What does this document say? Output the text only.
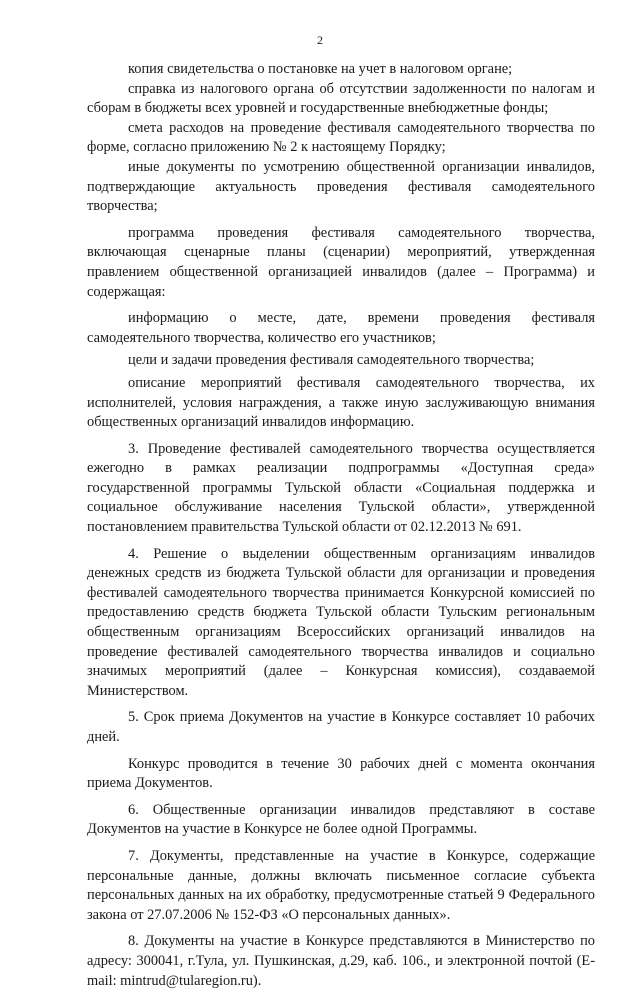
2

копия свидетельства о постановке на учет в налоговом органе;

справка из налогового органа об отсутствии задолженности по налогам и сборам в бюджеты всех уровней и государственные внебюджетные фонды;

смета расходов на проведение фестиваля самодеятельного творчества по форме, согласно приложению № 2 к настоящему Порядку;

иные документы по усмотрению общественной организации инвалидов, подтверждающие актуальность проведения фестиваля самодеятельного творчества;

программа проведения фестиваля самодеятельного творчества, включающая сценарные планы (сценарии) мероприятий, утвержденная правлением общественной организацией инвалидов (далее – Программа) и содержащая:

информацию о месте, дате, времени проведения фестиваля самодеятельного творчества, количество его участников;

цели и задачи проведения фестиваля самодеятельного творчества;

описание мероприятий фестиваля самодеятельного творчества, их исполнителей, условия награждения, а также иную заслуживающую внимания общественных организаций инвалидов информацию.

3. Проведение фестивалей самодеятельного творчества осуществляется ежегодно в рамках реализации подпрограммы «Доступная среда» государственной программы Тульской области «Социальная поддержка и социальное обслуживание населения Тульской области», утвержденной постановлением правительства Тульской области от 02.12.2013 № 691.

4. Решение о выделении общественным организациям инвалидов денежных средств из бюджета Тульской области для организации и проведения фестивалей самодеятельного творчества принимается Конкурсной комиссией по предоставлению средств бюджета Тульской области Тульским региональным общественным организациям Всероссийских организаций инвалидов на проведение фестивалей самодеятельного творчества инвалидов и социально значимых мероприятий (далее – Конкурсная комиссия), создаваемой Министерством.

5. Срок приема Документов на участие в Конкурсе составляет 10 рабочих дней.

Конкурс проводится в течение 30 рабочих дней с момента окончания приема Документов.

6. Общественные организации инвалидов представляют в составе Документов на участие в Конкурсе не более одной Программы.

7. Документы, представленные на участие в Конкурсе, содержащие персональные данные, должны включать письменное согласие субъекта персональных данных на их обработку, предусмотренные статьей 9 Федерального закона от 27.07.2006 № 152-ФЗ «О персональных данных».

8. Документы на участие в Конкурсе представляются в Министерство по адресу: 300041, г.Тула, ул. Пушкинская, д.29, каб. 106., и электронной почтой (E-mail: mintrud@tularegion.ru).
